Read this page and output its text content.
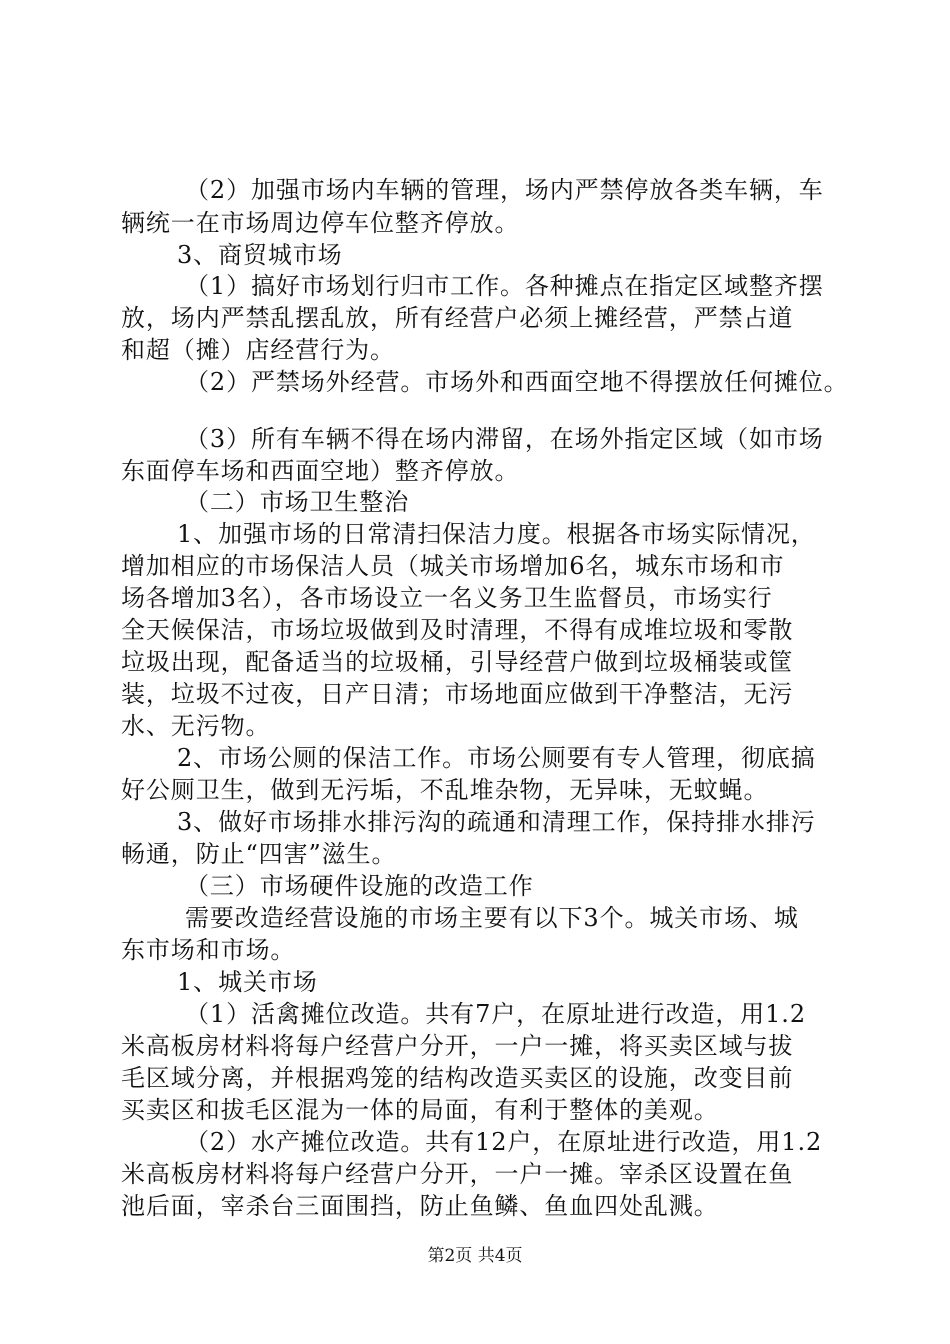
（2）加强市场内车辆的管理，场内严禁停放各类车辆，车
辆统一在市场周边停车位整齐停放。
3、商贸城市场
（1）搞好市场划行归市工作。各种摊点在指定区域整齐摆
放，场内严禁乱摆乱放，所有经营户必须上摊经营，严禁占道
和超（摊）店经营行为。
（2）严禁场外经营。市场外和西面空地不得摆放任何摊位。
（3）所有车辆不得在场内滞留，在场外指定区域（如市场
东面停车场和西面空地）整齐停放。
（二）市场卫生整治
1、加强市场的日常清扫保洁力度。根据各市场实际情况，
增加相应的市场保洁人员（城关市场增加6名，城东市场和市
场各增加3名），各市场设立一名义务卫生监督员，市场实行
全天候保洁，市场垃圾做到及时清理，不得有成堆垃圾和零散
垃圾出现，配备适当的垃圾桶，引导经营户做到垃圾桶装或筐
装，垃圾不过夜，日产日清；市场地面应做到干净整洁，无污
水、无污物。
2、市场公厕的保洁工作。市场公厕要有专人管理，彻底搞
好公厕卫生，做到无污垢，不乱堆杂物，无异味，无蚊蝇。
3、做好市场排水排污沟的疏通和清理工作，保持排水排污
畅通，防止“四害”滋生。
（三）市场硬件设施的改造工作
需要改造经营设施的市场主要有以下3个。城关市场、城
东市场和市场。
1、城关市场
（1）活禽摊位改造。共有7户，在原址进行改造，用1.2
米高板房材料将每户经营户分开，一户一摊，将买卖区域与拔
毛区域分离，并根据鸡笼的结构改造买卖区的设施，改变目前
买卖区和拔毛区混为一体的局面，有利于整体的美观。
（2）水产摊位改造。共有12户，在原址进行改造，用1.2
米高板房材料将每户经营户分开，一户一摊。宰杀区设置在鱼
池后面，宰杀台三面围挡，防止鱼鳞、鱼血四处乱溅。
第2页 共4页
